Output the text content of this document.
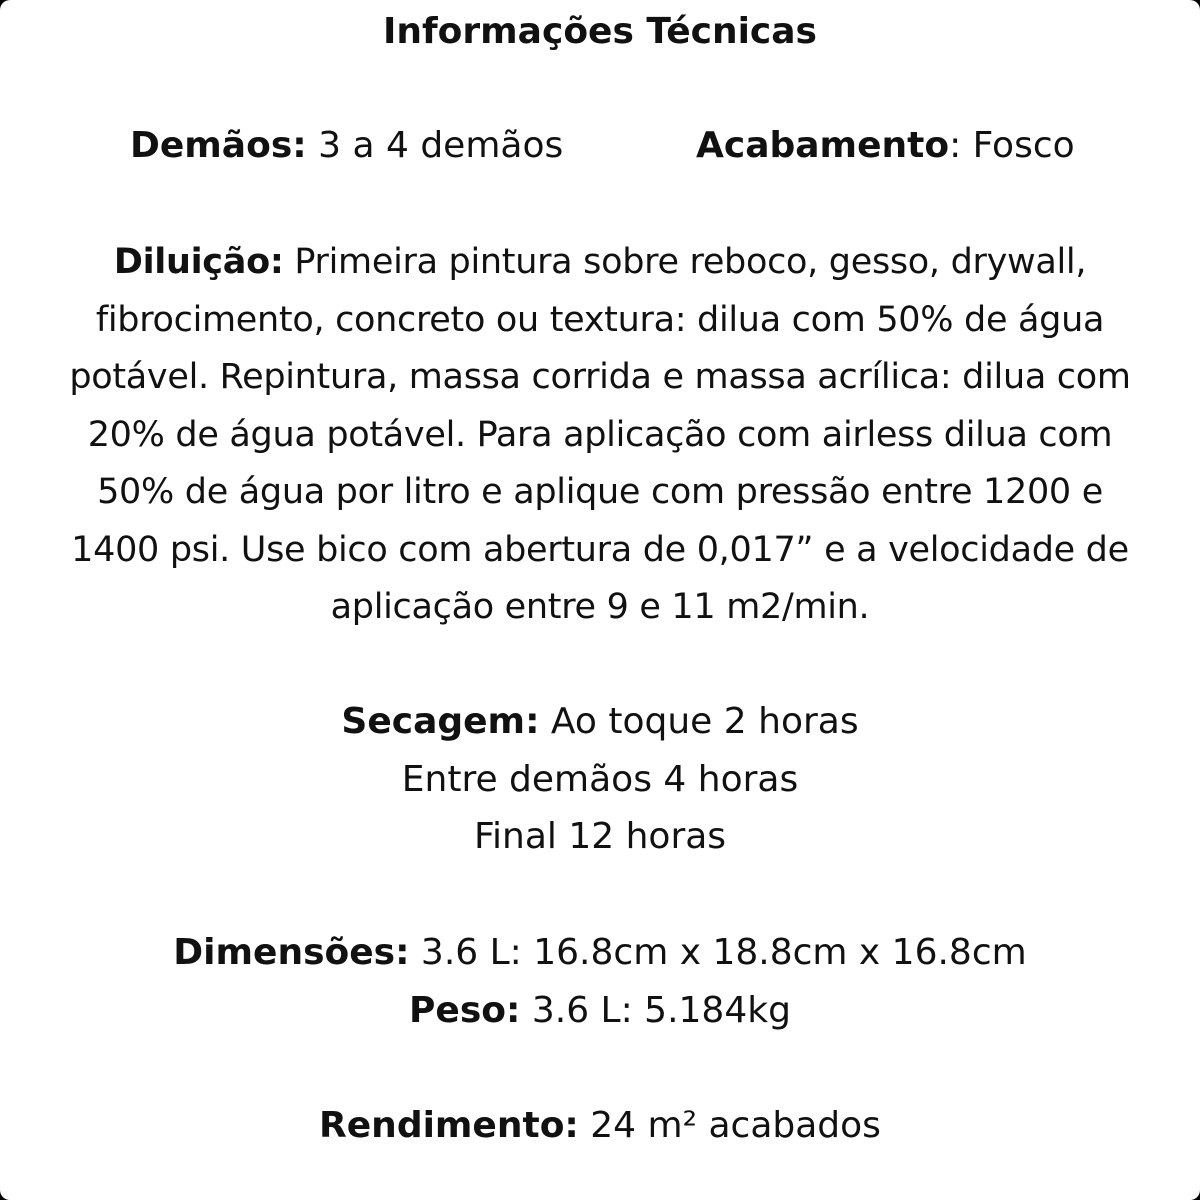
Informações Técnicas
Demãos: 3 a 4 demãos	Acabamento: Fosco
Diluição: Primeira pintura sobre reboco, gesso, drywall,
fibrocimento, concreto ou textura: dilua com 50% de água
potável. Repintura, massa corrida e massa acrílica: dilua com
20% de água potável. Para aplicação com airless dilua com
50% de água por litro e aplique com pressão entre 1200 e
1400 psi. Use bico com abertura de 0,017” e a velocidade de
aplicação entre 9 e 11 m2/min.
Secagem: Ao toque 2 horas
Entre demãos 4 horas
Final 12 horas
Dimensões: 3.6 L: 16.8cm x 18.8cm x 16.8cm
Peso: 3.6 L: 5.184kg
Rendimento: 24 m² acabados
